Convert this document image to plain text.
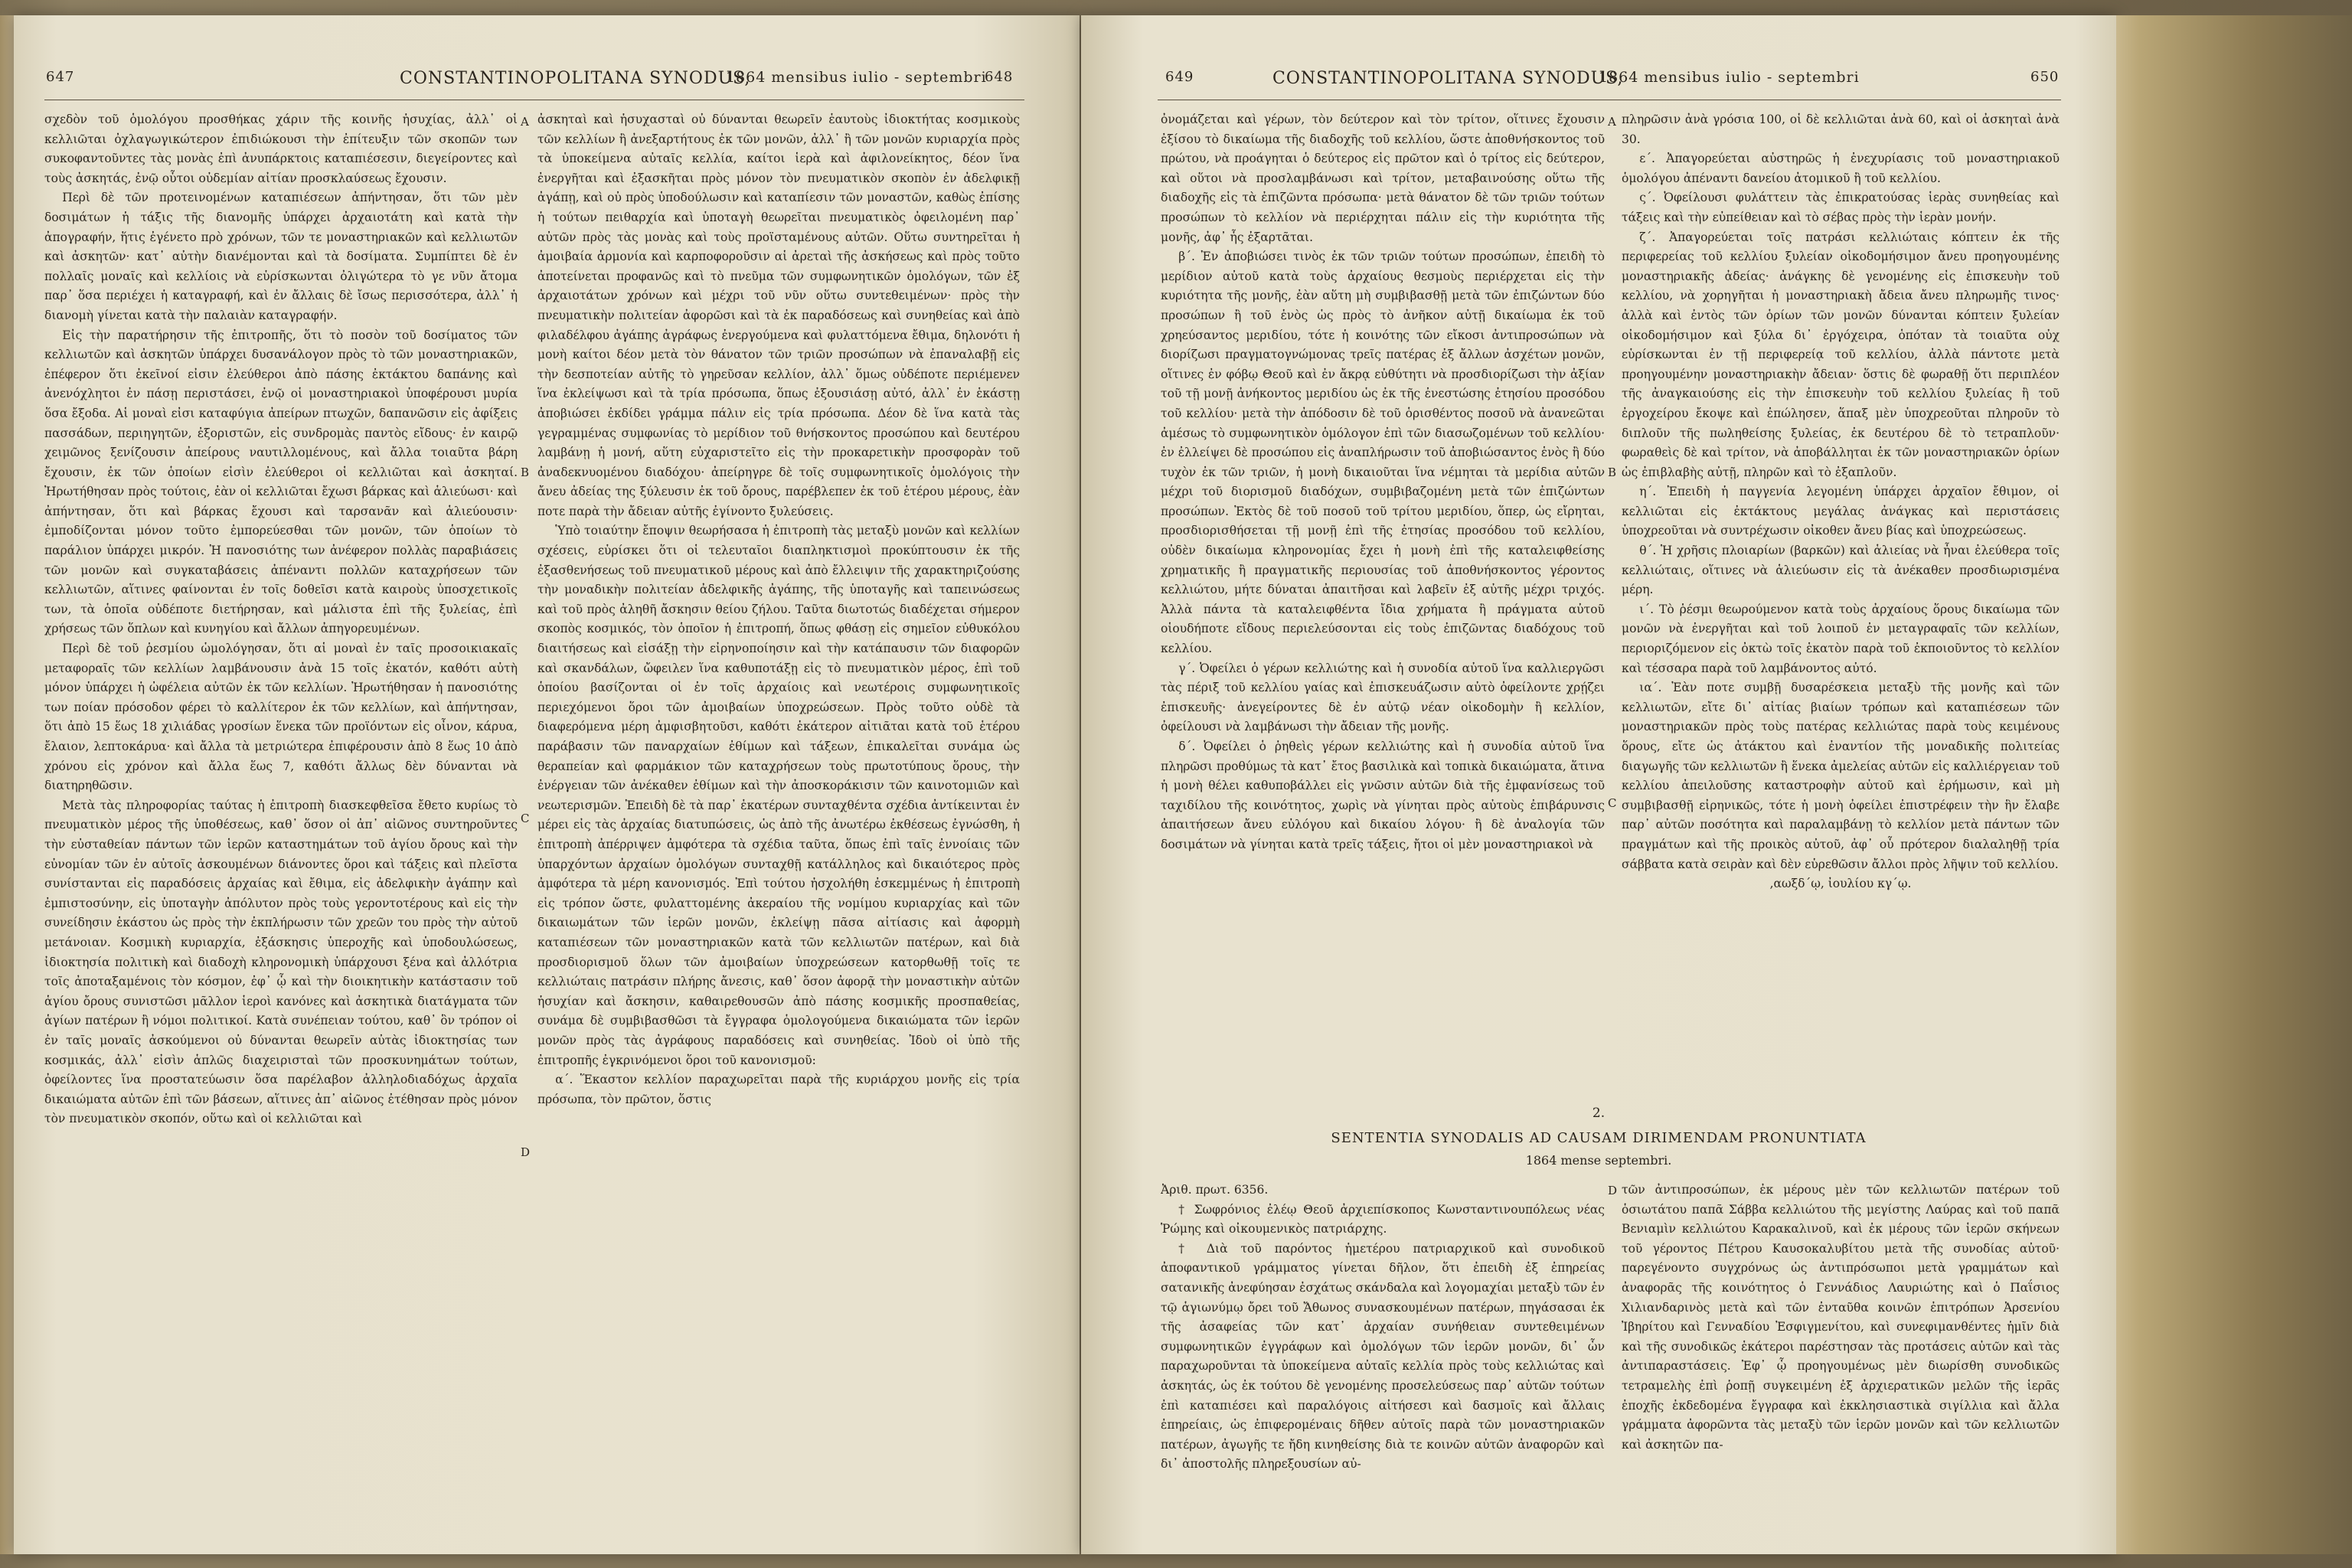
647	CONSTANTINOPOLITANA SYNODUS,
1864 mensibus iulio - septembri
648

σχεδὸν τοῦ ὁμολόγου προσθήκας χάριν τῆς κοινῆς ἡσυχίας, ἀλλ᾽ οἱ κελλιῶται ὀχλαγωγικώτερον ἐπιδιώκουσι τὴν ἐπίτευξιν τῶν σκοπῶν των συκοφαντοῦντες τὰς μονὰς ἐπὶ ἀνυπάρκτοις καταπιέσεσιν, διεγείροντες καὶ τοὺς ἀσκητάς, ἐνῷ οὗτοι οὐδεμίαν αἰτίαν προσκλαύσεως ἔχουσιν.

Περὶ δὲ τῶν προτεινομένων καταπιέσεων ἀπήντησαν, ὅτι τῶν μὲν δοσιμάτων ἡ τάξις τῆς διανομῆς ὑπάρχει ἀρχαιοτάτη καὶ κατὰ τὴν ἀπογραφήν, ἥτις ἐγένετο πρὸ χρόνων, τῶν τε μοναστηριακῶν καὶ κελλιωτῶν καὶ ἀσκητῶν· κατ᾽ αὐτὴν διανέμονται καὶ τὰ δοσίματα. Συμπίπτει δὲ ἐν πολλαῖς μοναῖς καὶ κελλίοις νὰ εὑρίσκωνται ὀλιγώτερα τὸ γε νῦν ἄτομα παρ᾽ ὅσα περιέχει ἡ καταγραφή, καὶ ἐν ἄλλαις δὲ ἴσως περισσότερα, ἀλλ᾽ ἡ διανομὴ γίνεται κατὰ τὴν παλαιὰν καταγραφήν.

Εἰς τὴν παρατήρησιν τῆς ἐπιτροπῆς, ὅτι τὸ ποσὸν τοῦ δοσίματος τῶν κελλιωτῶν καὶ ἀσκητῶν ὑπάρχει δυσανάλογον πρὸς τὸ τῶν μοναστηριακῶν, ἐπέφερον ὅτι ἐκεῖνοί εἰσιν ἐλεύθεροι ἀπὸ πάσης ἐκτάκτου δαπάνης καὶ ἀνενόχλητοι ἐν πάσῃ περιστάσει, ἐνῷ οἱ μοναστηριακοὶ ὑποφέρουσι μυρία ὅσα ἔξοδα. Αἱ μοναὶ εἰσι καταφύγια ἀπείρων πτωχῶν, δαπανῶσιν εἰς ἀφίξεις πασσάδων, περιηγητῶν, ἐξοριστῶν, εἰς συνδρομὰς παντὸς εἴδους· ἐν καιρῷ χειμῶνος ξενίζουσιν ἀπείρους ναυτιλλομένους, καὶ ἄλλα τοιαῦτα βάρη ἔχουσιν, ἐκ τῶν ὁποίων εἰσὶν ἐλεύθεροι οἱ κελλιῶται καὶ ἀσκηταί. Ἠρωτήθησαν πρὸς τούτοις, ἐὰν οἱ κελλιῶται ἔχωσι βάρκας καὶ ἁλιεύωσι· καὶ ἀπήντησαν, ὅτι καὶ βάρκας ἔχουσι καὶ ταρσανᾶν καὶ ἁλιεύουσιν· ἐμποδίζονται μόνον τοῦτο ἐμπορεύεσθαι τῶν μονῶν, τῶν ὁποίων τὸ παράλιον ὑπάρχει μικρόν. Ἡ πανοσιότης των ἀνέφερον πολλὰς παραβιάσεις τῶν μονῶν καὶ συγκαταβάσεις ἀπέναντι πολλῶν καταχρήσεων τῶν κελλιωτῶν, αἵτινες φαίνονται ἐν τοῖς δοθεῖσι κατὰ καιροὺς ὑποσχετικοῖς των, τὰ ὁποῖα οὐδέποτε διετήρησαν, καὶ μάλιστα ἐπὶ τῆς ξυλείας, ἐπὶ χρήσεως τῶν ὅπλων καὶ κυνηγίου καὶ ἄλλων ἀπηγορευμένων.

Περὶ δὲ τοῦ ῥεσμίου ὡμολόγησαν, ὅτι αἱ μοναὶ ἐν ταῖς προσοικιακαῖς μεταφοραῖς τῶν κελλίων λαμβάνουσιν ἀνὰ 15 τοῖς ἑκατόν, καθότι αὐτὴ μόνον ὑπάρχει ἡ ὠφέλεια αὐτῶν ἐκ τῶν κελλίων. Ἠρωτήθησαν ἡ πανοσιότης των ποίαν πρόσοδον φέρει τὸ καλλίτερον ἐκ τῶν κελλίων, καὶ ἀπήντησαν, ὅτι ἀπὸ 15 ἕως 18 χιλιάδας γροσίων ἕνεκα τῶν προϊόντων εἰς οἶνον, κάρυα, ἔλαιον, λεπτοκάρυα· καὶ ἄλλα τὰ μετριώτερα ἐπιφέρουσιν ἀπὸ 8 ἕως 10 ἀπὸ χρόνου εἰς χρόνον καὶ ἄλλα ἕως 7, καθότι ἄλλως δὲν δύνανται νὰ διατηρηθῶσιν.

Μετὰ τὰς πληροφορίας ταύτας ἡ ἐπιτροπὴ διασκεφθεῖσα ἔθετο κυρίως τὸ πνευματικὸν μέρος τῆς ὑποθέσεως, καθ᾽ ὅσον οἱ ἀπ᾽ αἰῶνος συντηροῦντες τὴν εὐσταθείαν πάντων τῶν ἱερῶν καταστημάτων τοῦ ἁγίου ὄρους καὶ τὴν εὐνομίαν τῶν ἐν αὐτοῖς ἀσκουμένων διάνοντες ὅροι καὶ τάξεις καὶ πλεῖστα συνίστανται εἰς παραδόσεις ἀρχαίας καὶ ἔθιμα, εἰς ἀδελφικὴν ἀγάπην καὶ ἐμπιστοσύνην, εἰς ὑποταγὴν ἀπόλυτον πρὸς τοὺς γεροντοτέρους καὶ εἰς τὴν συνείδησιν ἑκάστου ὡς πρὸς τὴν ἐκπλήρωσιν τῶν χρεῶν του πρὸς τὴν αὐτοῦ μετάνοιαν. Κοσμικὴ κυριαρχία, ἐξάσκησις ὑπεροχῆς καὶ ὑποδουλώσεως, ἰδιοκτησία πολιτικὴ καὶ διαδοχὴ κληρονομικὴ ὑπάρχουσι ξένα καὶ ἀλλότρια τοῖς ἀποταξαμένοις τὸν κόσμον, ἐφ᾽ ᾧ καὶ τὴν διοικητικὴν κατάστασιν τοῦ ἁγίου ὄρους συνιστῶσι μᾶλλον ἱεροὶ κανόνες καὶ ἀσκητικὰ διατάγματα τῶν ἁγίων πατέρων ἢ νόμοι πολιτικοί. Κατὰ συνέπειαν τούτου, καθ᾽ ὃν τρόπον οἱ ἐν ταῖς μοναῖς ἀσκούμενοι οὐ δύνανται θεωρεῖν αὐτὰς ἰδιοκτησίας των κοσμικάς, ἀλλ᾽ εἰσὶν ἁπλῶς διαχειρισταὶ τῶν προσκυνημάτων τούτων, ὀφείλοντες ἵνα προστατεύωσιν ὅσα παρέλαβον ἀλληλοδιαδόχως ἀρχαῖα δικαιώματα αὐτῶν ἐπὶ τῶν βάσεων, αἵτινες ἀπ᾽ αἰῶνος ἐτέθησαν πρὸς μόνον τὸν πνευματικὸν σκοπόν, οὕτω καὶ οἱ κελλιῶται καὶ

A
B
C
D

ἀσκηταὶ καὶ ἡσυχασταὶ οὐ δύνανται θεωρεῖν ἑαυτοὺς ἰδιοκτήτας κοσμικοὺς τῶν κελλίων ἢ ἀνεξαρτήτους ἐκ τῶν μονῶν, ἀλλ᾽ ἢ τῶν μονῶν κυριαρχία πρὸς τὰ ὑποκείμενα αὐταῖς κελλία, καίτοι ἱερὰ καὶ ἀφιλονείκητος, δέον ἵνα ἐνεργῆται καὶ ἐξασκῆται πρὸς μόνον τὸν πνευματικὸν σκοπὸν ἐν ἀδελφικῇ ἀγάπῃ, καὶ οὐ πρὸς ὑποδούλωσιν καὶ καταπίεσιν τῶν μοναστῶν, καθὼς ἐπίσης ἡ τούτων πειθαρχία καὶ ὑποταγὴ θεωρεῖται πνευματικὸς ὀφειλομένη παρ᾽ αὐτῶν πρὸς τὰς μονὰς καὶ τοὺς προϊσταμένους αὐτῶν. Οὕτω συντηρεῖται ἡ ἀμοιβαία ἁρμονία καὶ καρποφοροῦσιν αἱ ἀρεταὶ τῆς ἀσκήσεως καὶ πρὸς τοῦτο ἀποτείνεται προφανῶς καὶ τὸ πνεῦμα τῶν συμφωνητικῶν ὁμολόγων, τῶν ἐξ ἀρχαιοτάτων χρόνων καὶ μέχρι τοῦ νῦν οὕτω συντεθειμένων· πρὸς τὴν πνευματικὴν πολιτείαν ἀφορῶσι καὶ τὰ ἐκ παραδόσεως καὶ συνηθείας καὶ ἀπὸ φιλαδέλφου ἀγάπης ἀγράφως ἐνεργούμενα καὶ φυλαττόμενα ἔθιμα, δηλονότι ἡ μονὴ καίτοι δέον μετὰ τὸν θάνατον τῶν τριῶν προσώπων νὰ ἐπαναλαβῇ εἰς τὴν δεσποτείαν αὐτῆς τὸ γηρεῦσαν κελλίον, ἀλλ᾽ ὅμως οὐδέποτε περιέμενεν ἵνα ἐκλείψωσι καὶ τὰ τρία πρόσωπα, ὅπως ἐξουσιάσῃ αὐτό, ἀλλ᾽ ἐν ἑκάστῃ ἀποβιώσει ἐκδίδει γράμμα πάλιν εἰς τρία πρόσωπα. Δέον δὲ ἵνα κατὰ τὰς γεγραμμένας συμφωνίας τὸ μερίδιον τοῦ θνήσκοντος προσώπου καὶ δευτέρου λαμβάνῃ ἡ μονή, αὕτη εὐχαριστεῖτο εἰς τὴν προκαρετικὴν προσφορὰν τοῦ ἀναδεκνυομένου διαδόχου· ἀπείρηγρε δὲ τοῖς συμφωνητικοῖς ὁμολόγοις τὴν ἄνευ ἀδείας της ξύλευσιν ἐκ τοῦ ὄρους, παρέβλεπεν ἐκ τοῦ ἑτέρου μέρους, ἐὰν ποτε παρὰ τὴν ἄδειαν αὐτῆς ἐγίνοντο ξυλεύσεις.

Ὑπὸ τοιαύτην ἔποψιν θεωρήσασα ἡ ἐπιτροπὴ τὰς μεταξὺ μονῶν καὶ κελλίων σχέσεις, εὑρίσκει ὅτι οἱ τελευταῖοι διαπληκτισμοὶ προκύπτουσιν ἐκ τῆς ἐξασθενήσεως τοῦ πνευματικοῦ μέρους καὶ ἀπὸ ἔλλειψιν τῆς χαρακτηριζούσης τὴν μοναδικὴν πολιτείαν ἀδελφικῆς ἀγάπης, τῆς ὑποταγῆς καὶ ταπεινώσεως καὶ τοῦ πρὸς ἀληθῆ ἄσκησιν θείου ζήλου. Ταῦτα διωτοτώς διαδέχεται σήμερον σκοπὸς κοσμικός, τὸν ὁποῖον ἡ ἐπιτροπή, ὅπως φθάσῃ εἰς σημεῖον εὐθυκόλου διαιτήσεως καὶ εἰσάξῃ τὴν εἰρηνοποίησιν καὶ τὴν κατάπαυσιν τῶν διαφορῶν καὶ σκανδάλων, ὤφειλεν ἵνα καθυποτάξῃ εἰς τὸ πνευματικὸν μέρος, ἐπὶ τοῦ ὁποίου βασίζονται οἱ ἐν τοῖς ἀρχαίοις καὶ νεωτέροις συμφωνητικοῖς περιεχόμενοι ὅροι τῶν ἀμοιβαίων ὑποχρεώσεων. Πρὸς τοῦτο οὐδὲ τὰ διαφερόμενα μέρη ἀμφισβητοῦσι, καθότι ἑκάτερον αἰτιᾶται κατὰ τοῦ ἑτέρου παράβασιν τῶν παναρχαίων ἐθίμων καὶ τάξεων, ἐπικαλεῖται συνάμα ὡς θεραπείαν καὶ φαρμάκιον τῶν καταχρήσεων τοὺς πρωτοτύπους ὅρους, τὴν ἐνέργειαν τῶν ἀνέκαθεν ἐθίμων καὶ τὴν ἀποσκοράκισιν τῶν καινοτομιῶν καὶ νεωτερισμῶν. Ἐπειδὴ δὲ τὰ παρ᾽ ἑκατέρων συνταχθέντα σχέδια ἀντίκεινται ἐν μέρει εἰς τὰς ἀρχαίας διατυπώσεις, ὡς ἀπὸ τῆς ἀνωτέρω ἐκθέσεως ἐγνώσθη, ἡ ἐπιτροπὴ ἀπέρριψεν ἀμφότερα τὰ σχέδια ταῦτα, ὅπως ἐπὶ ταῖς ἐννοίαις τῶν ὑπαρχόντων ἀρχαίων ὁμολόγων συνταχθῇ κατάλληλος καὶ δικαιότερος πρὸς ἀμφότερα τὰ μέρη κανονισμός. Ἐπὶ τούτου ἠσχολήθη ἐσκεμμένως ἡ ἐπιτροπὴ εἰς τρόπον ὥστε, φυλαττομένης ἀκεραίου τῆς νομίμου κυριαρχίας καὶ τῶν δικαιωμάτων τῶν ἱερῶν μονῶν, ἐκλείψῃ πᾶσα αἰτίασις καὶ ἀφορμὴ καταπιέσεων τῶν μοναστηριακῶν κατὰ τῶν κελλιωτῶν πατέρων, καὶ διὰ προσδιορισμοῦ ὅλων τῶν ἀμοιβαίων ὑποχρεώσεων κατορθωθῇ τοῖς τε κελλιώταις πατράσιν πλήρης ἄνεσις, καθ᾽ ὅσον ἀφορᾷ τὴν μοναστικὴν αὐτῶν ἡσυχίαν καὶ ἄσκησιν, καθαιρεθουσῶν ἀπὸ πάσης κοσμικῆς προσπαθείας, συνάμα δὲ συμβιβασθῶσι τὰ ἔγγραφα ὁμολογούμενα δικαιώματα τῶν ἱερῶν μονῶν πρὸς τὰς ἀγράφους παραδόσεις καὶ συνηθείας. Ἰδοὺ οἱ ὑπὸ τῆς ἐπιτροπῆς ἐγκρινόμενοι ὅροι τοῦ κανονισμοῦ:

α΄. Ἕκαστον κελλίον παραχωρεῖται παρὰ τῆς κυριάρχου μονῆς εἰς τρία πρόσωπα, τὸν πρῶτον, ὅστις

649	CONSTANTINOPOLITANA SYNODUS,
1864 mensibus iulio - septembri	650

ὀνομάζεται καὶ γέρων, τὸν δεύτερον καὶ τὸν τρίτον, οἵτινες ἔχουσιν ἐξίσου τὸ δικαίωμα τῆς διαδοχῆς τοῦ κελλίου, ὥστε ἀποθνήσκοντος τοῦ πρώτου, νὰ προάγηται ὁ δεύτερος εἰς πρῶτον καὶ ὁ τρίτος εἰς δεύτερον, καὶ οὕτοι νὰ προσλαμβάνωσι καὶ τρίτον, μεταβαινούσης οὕτω τῆς διαδοχῆς εἰς τὰ ἐπιζῶντα πρόσωπα· μετὰ θάνατον δὲ τῶν τριῶν τούτων προσώπων τὸ κελλίον νὰ περιέρχηται πάλιν εἰς τὴν κυριότητα τῆς μονῆς, ἀφ᾽ ἧς ἐξαρτᾶται.

β΄. Ἐν ἀποβιώσει τινὸς ἐκ τῶν τριῶν τούτων προσώπων, ἐπειδὴ τὸ μερίδιον αὐτοῦ κατὰ τοὺς ἀρχαίους θεσμοὺς περιέρχεται εἰς τὴν κυριότητα τῆς μονῆς, ἐὰν αὕτη μὴ συμβιβασθῇ μετὰ τῶν ἐπιζώντων δύο προσώπων ἢ τοῦ ἑνὸς ὡς πρὸς τὸ ἀνῆκον αὐτῇ δικαίωμα ἐκ τοῦ χρηεύσαντος μεριδίου, τότε ἡ κοινότης τῶν εἴκοσι ἀντιπροσώπων νὰ διορίζωσι πραγματογνώμονας τρεῖς πατέρας ἐξ ἄλλων ἀσχέτων μονῶν, οἵτινες ἐν φόβῳ Θεοῦ καὶ ἐν ἄκρᾳ εὐθύτητι νὰ προσδιορίζωσι τὴν ἀξίαν τοῦ τῇ μονῇ ἀνήκοντος μεριδίου ὡς ἐκ τῆς ἐνεστώσης ἐτησίου προσόδου τοῦ κελλίου· μετὰ τὴν ἀπόδοσιν δὲ τοῦ ὁρισθέντος ποσοῦ νὰ ἀνανεῶται ἀμέσως τὸ συμφωνητικὸν ὁμόλογον ἐπὶ τῶν διασωζομένων τοῦ κελλίου· ἐν ἐλλείψει δὲ προσώπου εἰς ἀναπλήρωσιν τοῦ ἀποβιώσαντος ἑνὸς ἢ δύο τυχὸν ἐκ τῶν τριῶν, ἡ μονὴ δικαιοῦται ἵνα νέμηται τὰ μερίδια αὐτῶν μέχρι τοῦ διορισμοῦ διαδόχων, συμβιβαζομένη μετὰ τῶν ἐπιζώντων προσώπων. Ἐκτὸς δὲ τοῦ ποσοῦ τοῦ τρίτου μεριδίου, ὅπερ, ὡς εἴρηται, προσδιορισθήσεται τῇ μονῇ ἐπὶ τῆς ἐτησίας προσόδου τοῦ κελλίου, οὐδὲν δικαίωμα κληρονομίας ἔχει ἡ μονὴ ἐπὶ τῆς καταλειφθείσης χρηματικῆς ἢ πραγματικῆς περιουσίας τοῦ ἀποθνήσκοντος γέροντος κελλιώτου, μήτε δύναται ἀπαιτῆσαι καὶ λαβεῖν ἐξ αὐτῆς μέχρι τριχός. Ἀλλὰ πάντα τὰ καταλειφθέντα ἴδια χρήματα ἢ πράγματα αὐτοῦ οἱουδήποτε εἴδους περιελεύσονται εἰς τοὺς ἐπιζῶντας διαδόχους τοῦ κελλίου.

γ΄. Ὀφείλει ὁ γέρων κελλιώτης καὶ ἡ συνοδία αὐτοῦ ἵνα καλλιεργῶσι τὰς πέριξ τοῦ κελλίου γαίας καὶ ἐπισκευάζωσιν αὐτὸ ὀφείλοντε χρῄζει ἐπισκευῆς· ἀνεγείροντες δὲ ἐν αὐτῷ νέαν οἰκοδομὴν ἢ κελλίον, ὀφείλουσι νὰ λαμβάνωσι τὴν ἄδειαν τῆς μονῆς.

δ΄. Ὀφείλει ὁ ῥηθεὶς γέρων κελλιώτης καὶ ἡ συνοδία αὐτοῦ ἵνα πληρῶσι προθύμως τὰ κατ᾽ ἔτος βασιλικὰ καὶ τοπικὰ δικαιώματα, ἅτινα ἡ μονὴ θέλει καθυποβάλλει εἰς γνῶσιν αὐτῶν διὰ τῆς ἐμφανίσεως τοῦ ταχιδίλου τῆς κοινότητος, χωρὶς νὰ γίνηται πρὸς αὐτοὺς ἐπιβάρυνσις ἀπαιτήσεων ἄνευ εὐλόγου καὶ δικαίου λόγου· ἢ δὲ ἀναλογία τῶν δοσιμάτων νὰ γίνηται κατὰ τρεῖς τάξεις, ἤτοι οἱ μὲν μοναστηριακοὶ νὰ

A
B
C

πληρῶσιν ἀνὰ γρόσια 100, οἱ δὲ κελλιῶται ἀνὰ 60, καὶ οἱ ἀσκηταὶ ἀνὰ 30.

ε΄. Ἀπαγορεύεται αὐστηρῶς ἡ ἐνεχυρίασις τοῦ μοναστηριακοῦ ὁμολόγου ἀπέναντι δανείου ἀτομικοῦ ἢ τοῦ κελλίου.

ς΄. Ὀφείλουσι φυλάττειν τὰς ἐπικρατούσας ἱερὰς συνηθείας καὶ τάξεις καὶ τὴν εὐπείθειαν καὶ τὸ σέβας πρὸς τὴν ἱερὰν μονήν.

ζ΄. Ἀπαγορεύεται τοῖς πατράσι κελλιώταις κόπτειν ἐκ τῆς περιφερείας τοῦ κελλίου ξυλείαν οἰκοδομήσιμον ἄνευ προηγουμένης μοναστηριακῆς ἀδείας· ἀνάγκης δὲ γενομένης εἰς ἐπισκευὴν τοῦ κελλίου, νὰ χορηγῆται ἡ μοναστηριακὴ ἄδεια ἄνευ πληρωμῆς τινος· ἀλλὰ καὶ ἐντὸς τῶν ὁρίων τῶν μονῶν δύνανται κόπτειν ξυλείαν οἰκοδομήσιμον καὶ ξύλα δι᾽ ἐργόχειρα, ὁπόταν τὰ τοιαῦτα οὐχ εὑρίσκωνται ἐν τῇ περιφερείᾳ τοῦ κελλίου, ἀλλὰ πάντοτε μετὰ προηγουμένην μοναστηριακὴν ἄδειαν· ὅστις δὲ φωραθῇ ὅτι περιπλέον τῆς ἀναγκαιούσης εἰς τὴν ἐπισκευὴν τοῦ κελλίου ξυλείας ἢ τοῦ ἐργοχείρου ἔκοψε καὶ ἐπώλησεν, ἅπαξ μὲν ὑποχρεοῦται πληροῦν τὸ διπλοῦν τῆς πωληθείσης ξυλείας, ἐκ δευτέρου δὲ τὸ τετραπλοῦν· φωραθεὶς δὲ καὶ τρίτον, νὰ ἀποβάλληται ἐκ τῶν μοναστηριακῶν ὁρίων ὡς ἐπιβλαβὴς αὐτῇ, πληρῶν καὶ τὸ ἐξαπλοῦν.

η΄. Ἐπειδὴ ἡ παγγενία λεγομένη ὑπάρχει ἀρχαῖον ἔθιμον, οἱ κελλιῶται εἰς ἐκτάκτους μεγάλας ἀνάγκας καὶ περιστάσεις ὑποχρεοῦται νὰ συντρέχωσιν οἰκοθεν ἄνευ βίας καὶ ὑποχρεώσεως.

θ΄. Ἡ χρῆσις πλοιαρίων (βαρκῶν) καὶ ἁλιείας νὰ ἦναι ἐλεύθερα τοῖς κελλιώταις, οἵτινες νὰ ἁλιεύωσιν εἰς τὰ ἀνέκαθεν προσδιωρισμένα μέρη.

ι΄. Τὸ ῥέσμι θεωρούμενον κατὰ τοὺς ἀρχαίους ὅρους δικαίωμα τῶν μονῶν νὰ ἐνεργῆται καὶ τοῦ λοιποῦ ἐν μεταγραφαῖς τῶν κελλίων, περιοριζόμενον εἰς ὀκτὼ τοῖς ἑκατὸν παρὰ τοῦ ἐκποιοῦντος τὸ κελλίον καὶ τέσσαρα παρὰ τοῦ λαμβάνοντος αὐτό.

ια΄. Ἐὰν ποτε συμβῇ δυσαρέσκεια μεταξὺ τῆς μονῆς καὶ τῶν κελλιωτῶν, εἴτε δι᾽ αἰτίας βιαίων τρόπων καὶ καταπιέσεων τῶν μοναστηριακῶν πρὸς τοὺς πατέρας κελλιώτας παρὰ τοὺς κειμένους ὅρους, εἴτε ὡς ἀτάκτου καὶ ἐναντίον τῆς μοναδικῆς πολιτείας διαγωγῆς τῶν κελλιωτῶν ἢ ἕνεκα ἀμελείας αὐτῶν εἰς καλλιέργειαν τοῦ κελλίου ἀπειλοῦσης καταστροφὴν αὐτοῦ καὶ ἐρήμωσιν, καὶ μὴ συμβιβασθῇ εἰρηνικῶς, τότε ἡ μονὴ ὀφείλει ἐπιστρέφειν τὴν ἣν ἔλαβε παρ᾽ αὐτῶν ποσότητα καὶ παραλαμβάνῃ τὸ κελλίον μετὰ πάντων τῶν πραγμάτων καὶ τῆς προικὸς αὐτοῦ, ἀφ᾽ οὗ πρότερον διαλαληθῇ τρία σάββατα κατὰ σειρὰν καὶ δὲν εὑρεθῶσιν ἄλλοι πρὸς λῆψιν τοῦ κελλίου.

,αωξδ΄ῳ, ἰουλίου κγ΄ῳ.

2.
SENTENTIA SYNODALIS AD CAUSAM DIRIMENDAM PRONUNTIATA
1864 mense septembri.

Ἀριθ. πρωτ. 6356.

† Σωφρόνιος ἐλέῳ Θεοῦ ἀρχιεπίσκοπος Κωνσταντινουπόλεως νέας Ῥώμης καὶ οἰκουμενικὸς πατριάρχης.

† Διὰ τοῦ παρόντος ἡμετέρου πατριαρχικοῦ καὶ συνοδικοῦ ἀποφαντικοῦ γράμματος γίνεται δῆλον, ὅτι ἐπειδὴ ἐξ ἐπηρείας σατανικῆς ἀνεφύησαν ἐσχάτως σκάνδαλα καὶ λογομαχίαι μεταξὺ τῶν ἐν τῷ ἁγιωνύμῳ ὄρει τοῦ Ἄθωνος συνασκουμένων πατέρων, πηγάσασαι ἐκ τῆς ἀσαφείας τῶν κατ᾽ ἀρχαίαν συνήθειαν συντεθειμένων συμφωνητικῶν ἐγγράφων καὶ ὁμολόγων τῶν ἱερῶν μονῶν, δι᾽ ὧν παραχωροῦνται τὰ ὑποκείμενα αὐταῖς κελλία πρὸς τοὺς κελλιώτας καὶ ἀσκητάς, ὡς ἐκ τούτου δὲ γενομένης προσελεύσεως παρ᾽ αὐτῶν τούτων ἐπὶ καταπιέσει καὶ παραλόγοις αἰτήσεσι καὶ δασμοῖς καὶ ἄλλαις ἐπηρείαις, ὡς ἐπιφερομέναις δῆθεν αὐτοῖς παρὰ τῶν μοναστηριακῶν πατέρων, ἀγωγῆς τε ἤδη κινηθείσης διὰ τε κοινῶν αὐτῶν ἀναφορῶν καὶ δι᾽ ἀποστολῆς πληρεξουσίων αὐ-

D τῶν ἀντιπροσώπων, ἐκ μέρους μὲν τῶν κελλιωτῶν πατέρων τοῦ ὁσιωτάτου παπᾶ Σάββα κελλιώτου τῆς μεγίστης Λαύρας καὶ τοῦ παπᾶ Βενιαμὶν κελλιώτου Καρακαλινοῦ, καὶ ἐκ μέρους τῶν ἱερῶν σκήνεων τοῦ γέροντος Πέτρου Καυσοκαλυβίτου μετὰ τῆς συνοδίας αὐτοῦ· παρεγένοντο συγχρόνως ὡς ἀντιπρόσωποι μετὰ γραμμάτων καὶ ἀναφορᾶς τῆς κοινότητος ὁ Γεννάδιος Λαυριώτης καὶ ὁ Παΐσιος Χιλιανδαρινὸς μετὰ καὶ τῶν ἐνταῦθα κοινῶν ἐπιτρόπων Ἀρσενίου Ἰβηρίτου καὶ Γενναδίου Ἐσφιγμενίτου, καὶ συνεφιμανθέντες ἡμῖν διὰ καὶ τῆς συνοδικῶς ἑκάτεροι παρέστησαν τὰς προτάσεις αὐτῶν καὶ τὰς ἀντιπαραστάσεις. Ἐφ᾽ ᾧ προηγουμένως μὲν διωρίσθη συνοδικῶς τετραμελὴς ἐπὶ ῥοπῇ συγκειμένη ἐξ ἀρχιερατικῶν μελῶν τῆς ἱερᾶς ἐποχῆς ἐκδεδομένα ἔγγραφα καὶ ἐκκλησιαστικὰ σιγίλλια καὶ ἄλλα γράμματα ἀφορῶντα τὰς μεταξὺ τῶν ἱερῶν μονῶν καὶ τῶν κελλιωτῶν καὶ ἀσκητῶν πα-
